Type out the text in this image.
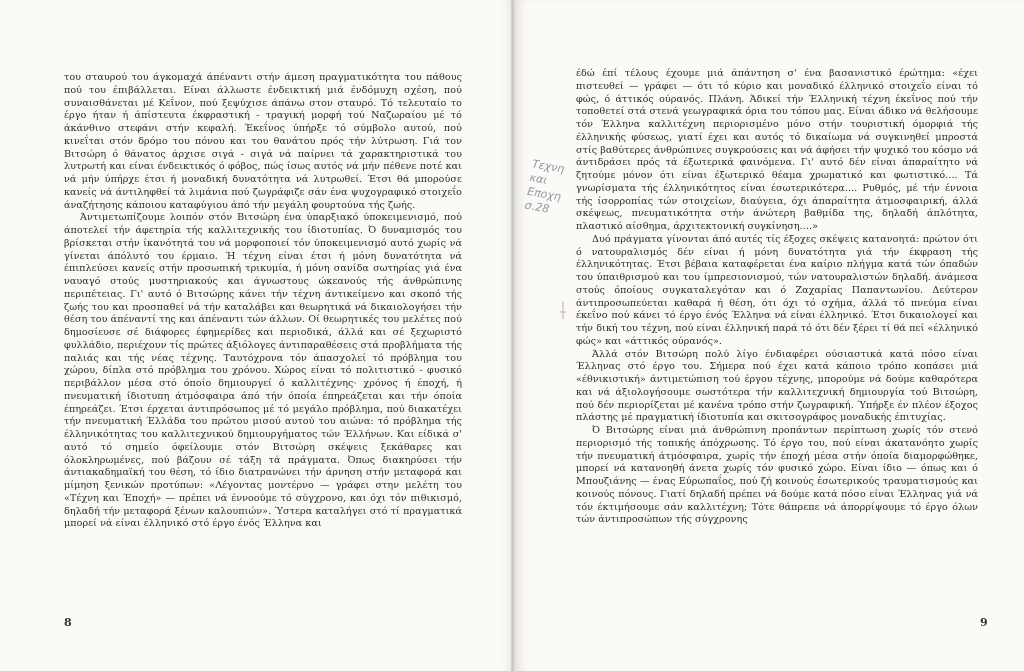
του σταυρού του άγκομαχά άπέναντι στήν άμεση πραγματικότητα του πάθους πού του έπιβάλλεται. Είναι άλλωστε ένδεικτική μιά ένδόμυχη σχέση, πού συναισθάνεται μέ Κεΐνον, πού ξεψύχισε άπάνω στον σταυρό. Τό τελευταίο το έργο ήταν ή άπίστευτα έκφραστική - τραγική μορφή τού Ναζωραίου μέ τό άκάνθινο στεφάνι στήν κεφαλή. Έκεΐνος ύπήρξε τό σύμβολο αυτού, πού κινεΐται στόν δρόμο του πόνου και του θανάτου πρός τήν λύτρωση. Γιά τον Βιτσώρη ό θάνατος άρχισε σιγά - σιγά νά παίρνει τά χαρακτηριστικά του λυτρωτή και είναι ένδεικτικός ό φόβος, πώς ίσως αυτός νά μήν πέθενε ποτέ και νά μήν ύπήρχε έτσι ή μοναδική δυνατότητα νά λυτρωθεί. Έτσι θά μπορούσε κανείς νά άντιληφθεί τά λιμάνια πού ζωγράφιζε σάν ένα ψυχογραφικό στοιχεΐο άναζήτησης κάποιου καταφύγιου άπό τήν μεγάλη φουρτούνα τής ζωής.

Άντιμετωπίζουμε λοιπόν στόν Βιτσώρη ένα ύπαρξιακό ύποκειμενισμό, πού άποτελεί τήν άφετηρία τής καλλιτεχνικής του ίδιοτυπίας. Ό δυναμισμός του βρίσκεται στήν ίκανότητά του νά μορφοποιεί τόν ύποκειμενισμό αυτό χωρίς νά γίνεται άπόλυτό του έρμαιο. Ή τέχνη είναι έτσι ή μόνη δυνατότητα νά έπιπλεύσει κανείς στήν προσωπική τρικυμία, ή μόνη σανίδα σωτηρίας γιά ένα ναυαγό στούς μυστηριακούς και άγνωστους ώκεανούς τής άνθρώπινης περιπέτειας. Γι' αυτό ό Βιτσώρης κάνει τήν τέχνη άντικείμενο και σκοπό τής ζωής του και προσπαθεί νά τήν καταλάβει και θεωρητικά νά δικαιολογήσει τήν θέση του άπέναντί της και άπέναντι τών άλλων. Οί θεωρητικές του μελέτες πού δημοσίευσε σέ διάφορες έφημερίδες και περιοδικά, άλλά και σέ ξεχωριστό φυλλάδιο, περιέχουν τίς πρώτες άξιόλογες άντιπαραθέσεις στά προβλήματα τής παλιάς και τής νέας τέχνης. Ταυτόχρονα τόν άπασχολεί τό πρόβλημα του χώρου, δίπλα στό πρόβλημα του χρόνου. Χώρος είναι τό πολιτιστικό - φυσικό περιβάλλον μέσα στό όποίο δημιουργεί ό καλλιτέχνης· χρόνος ή έποχή, ή πνευματική ίδιοτυπη άτμόσφαιρα άπό τήν όποία έπηρεάζεται και τήν όποία έπηρεάζει. Έτσι έρχεται άντιπρόσωπος μέ τό μεγάλο πρόβλημα, πού διακατέχει τήν πνευματική Έλλάδα του πρώτου μισού αυτού του αιώνα: τό πρόβλημα τής έλληνικότητας του καλλιτεχνικού δημιουργήματος τών Έλλήνων. Και είδικά σ' αυτό τό σημείο όφείλουμε στόν Βιτσώρη σκέψεις ξεκάθαρες και όλοκληρωμένες, πού βάζουν σέ τάξη τά πράγματα. Όπως διακηρύσει τήν άντιακαδημαϊκή του θέση, τό ίδιο διατρανώνει τήν άρνηση στήν μεταφορά και μίμηση ξενικών προτύπων: «Λέγοντας μοντέρνο — γράφει στην μελέτη του «Τέχνη και Έποχή» — πρέπει νά έννοούμε τό σύγχρονο, και όχι τόν πιθικισμό, δηλαδή τήν μεταφορά ξένων καλουπιών». Ύστερα καταλήγει στό τί πραγματικά μπορεί νά είναι έλληνικό στό έργο ένός Έλληνα και

8
Τεχνη
και
Εποχη
σ.28

έδώ έπί τέλους έχουμε μιά άπάντηση σ' ένα βασανιστικό έρώτημα: «έχει πιστευθεί — γράφει — ότι τό κύριο και μοναδικό έλληνικό στοιχεΐο είναι τό φώς, ό άττικός ούρανός. Πλάνη. Άδικεί τήν Έλληνική τέχνη έκεΐνος πού τήν τοποθετεί στά στενά γεωγραφικά όρια του τόπου μας. Είναι άδικο νά θελήσουμε τόν Έλληνα καλλιτέχνη περιορισμένο μόνο στήν τουριστική όμορφιά τής έλληνικής φύσεως, γιατί έχει και αυτός τό δικαίωμα νά συγκινηθεί μπροστά στίς βαθύτερες άνθρώπινες συγκρούσεις και νά άφήσει τήν ψυχικό του κόσμο νά άντιδράσει πρός τά έξωτερικά φαινόμενα. Γι' αυτό δέν είναι άπαραίτητο νά ζητούμε μόνον ότι είναι έξωτερικό θέαμα χρωματικό και φωτιστικό.... Τά γνωρίσματα τής έλληνικότητος είναι έσωτερικότερα.... Ρυθμός, μέ τήν έννοια τής ίσορροπίας τών στοιχείων, διαύγεια, όχι άπαραίτητα άτμοσφαιρική, άλλά σκέψεως, πνευματικότητα στήν άνώτερη βαθμίδα της, δηλαδή άπλότητα, πλαστικό αίσθημα, άρχιτεκτονική συγκίνηση....»

Δυό πράγματα γίνονται άπό αυτές τίς έξοχες σκέψεις κατανοητά: πρώτον ότι ό νατουραλισμός δέν είναι ή μόνη δυνατότητα γιά τήν έκφραση τής έλληνικότητας. Έτσι βέβαια καταφέρεται ένα καίριο πλήγμα κατά τών όπαδών του ύπαιθρισμού και του ίμπρεσιονισμού, τών νατουραλιστών δηλαδή. άνάμεσα στούς όποίους συγκαταλεγόταν και ό Ζαχαρίας Παπαντωνίου. Δεύτερον άντιπροσωπεύεται καθαρά ή θέση, ότι όχι τό σχήμα, άλλά τό πνεύμα είναι έκεΐνο πού κάνει τό έργο ένός Έλληνα νά είναι έλληνικό. Έτσι δικαιολογεί και τήν δική του τέχνη, πού είναι έλληνική παρά τό ότι δέν ξέρει τί θά πεί «έλληνικό φώς» και «άττικός ούρανός».

Άλλά στόν Βιτσώρη πολύ λίγο ένδιαφέρει ούσιαστικά κατά πόσο είναι Έλληνας στό έργο του. Σήμερα πού έχει κατά κάποιο τρόπο κοπάσει μιά «έθνικιστική» άντιμετώπιση τού έργου τέχνης, μπορούμε νά δούμε καθαρότερα και νά άξιολογήσουμε σωστότερα τήν καλλιτεχνική δημιουργία τού Βιτσώρη, πού δέν περιορίζεται μέ κανένα τρόπο στήν ζωγραφική. Ύπήρξε έν πλέον έξοχος πλάστης μέ πραγματική ίδιοτυπία και σκιτσογράφος μοναδικής έπιτυχίας.

Ό Βιτσώρης είναι μιά άνθρώπινη προπάντων περίπτωση χωρίς τόν στενό περιορισμό τής τοπικής άπόχρωσης. Τό έργο του, πού είναι άκατανόητο χωρίς τήν πνευματική άτμόσφαιρα, χωρίς τήν έποχή μέσα στήν όποία διαμορφώθηκε, μπορεί νά κατανοηθή άνετα χωρίς τόν φυσικό χώρο. Είναι ίδιο — όπως και ό Μπουζιάνης — ένας Εύρωπαΐος, πού ζή κοινούς έσωτερικούς τραυματισμούς και κοινούς πόνους. Γιατί δηλαδή πρέπει νά δούμε κατά πόσο είναι Έλληνας γιά νά τόν έκτιμήσουμε σάν καλλιτέχνη; Τότε θάπρεπε νά άπορρίψουμε τό έργο όλων τών άντιπροσώπων τής σύγχρονης

9
